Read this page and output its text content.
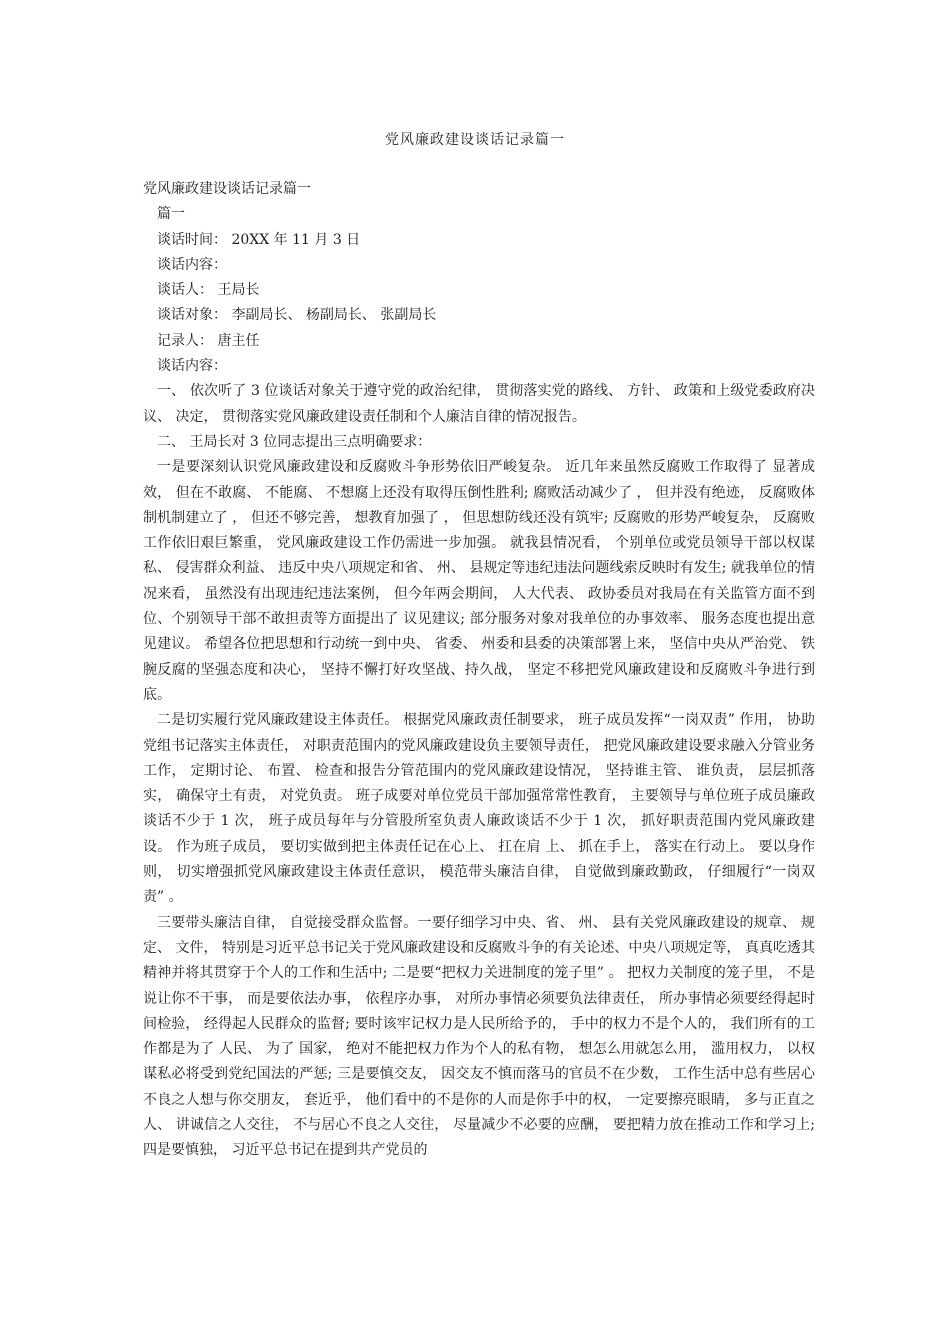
党风廉政建设谈话记录篇一

党风廉政建设谈话记录篇一

篇一

谈话时间： 20XX 年 11 月 3 日

谈话内容：

谈话人： 王局长

谈话对象： 李副局长、 杨副局长、 张副局长

记录人： 唐主任

谈话内容：

一、 依次听了 3 位谈话对象关于遵守党的政治纪律， 贯彻落实党的路线、 方针、 政策和上级党委政府决议、 决定， 贯彻落实党风廉政建设责任制和个人廉洁自律的情况报告。

二、 王局长对 3 位同志提出三点明确要求：

一是要深刻认识党风廉政建设和反腐败斗争形势依旧严峻复杂。 近几年来虽然反腐败工作取得了 显著成效， 但在不敢腐、 不能腐、 不想腐上还没有取得压倒性胜利; 腐败活动减少了 ， 但并没有绝迹， 反腐败体制机制建立了 ， 但还不够完善， 想教育加强了 ， 但思想防线还没有筑牢; 反腐败的形势严峻复杂， 反腐败工作依旧艰巨繁重， 党风廉政建设工作仍需进一步加强。 就我县情况看， 个别单位或党员领导干部以权谋私、 侵害群众利益、 违反中央八项规定和省、 州、 县规定等违纪违法问题线索反映时有发生; 就我单位的情况来看， 虽然没有出现违纪违法案例， 但今年两会期间， 人大代表、 政协委员对我局在有关监管方面不到位、个别领导干部不敢担责等方面提出了 议见建议; 部分服务对象对我单位的办事效率、 服务态度也提出意见建议。 希望各位把思想和行动统一到中央、 省委、 州委和县委的决策部署上来， 坚信中央从严治党、 铁腕反腐的坚强态度和决心， 坚持不懈打好攻坚战、持久战， 坚定不移把党风廉政建设和反腐败斗争进行到底。

二是切实履行党风廉政建设主体责任。 根据党风廉政责任制要求， 班子成员发挥“一岗双责” 作用， 协助党组书记落实主体责任， 对职责范围内的党风廉政建设负主要领导责任， 把党风廉政建设要求融入分管业务工作， 定期讨论、 布置、 检查和报告分管范围内的党风廉政建设情况， 坚持谁主管、 谁负责， 层层抓落实， 确保守土有责， 对党负责。 班子成要对单位党员干部加强常常性教育， 主要领导与单位班子成员廉政谈话不少于 1 次， 班子成员每年与分管股所室负责人廉政谈话不少于 1 次， 抓好职责范围内党风廉政建设。 作为班子成员， 要切实做到把主体责任记在心上、 扛在肩 上、 抓在手上， 落实在行动上。 要以身作则， 切实增强抓党风廉政建设主体责任意识， 模范带头廉洁自律， 自觉做到廉政勤政， 仔细履行“一岗双责” 。

三要带头廉洁自律， 自觉接受群众监督。一要仔细学习中央、省、 州、 县有关党风廉政建设的规章、 规定、 文件， 特别是习近平总书记关于党风廉政建设和反腐败斗争的有关论述、中央八项规定等， 真真吃透其精神并将其贯穿于个人的工作和生活中; 二是要“把权力关进制度的笼子里” 。 把权力关制度的笼子里， 不是说让你不干事， 而是要依法办事， 依程序办事， 对所办事情必须要负法律责任， 所办事情必须要经得起时间检验， 经得起人民群众的监督; 要时该牢记权力是人民所给予的， 手中的权力不是个人的， 我们所有的工作都是为了 人民、 为了 国家， 绝对不能把权力作为个人的私有物， 想怎么用就怎么用， 滥用权力， 以权谋私必将受到党纪国法的严惩; 三是要慎交友， 因交友不慎而落马的官员不在少数， 工作生活中总有些居心不良之人想与你交朋友， 套近乎， 他们看中的不是你的人而是你手中的权， 一定要擦亮眼睛， 多与正直之人、 讲诚信之人交往， 不与居心不良之人交往， 尽量减少不必要的应酬， 要把精力放在推动工作和学习上; 四是要慎独， 习近平总书记在提到共产党员的
